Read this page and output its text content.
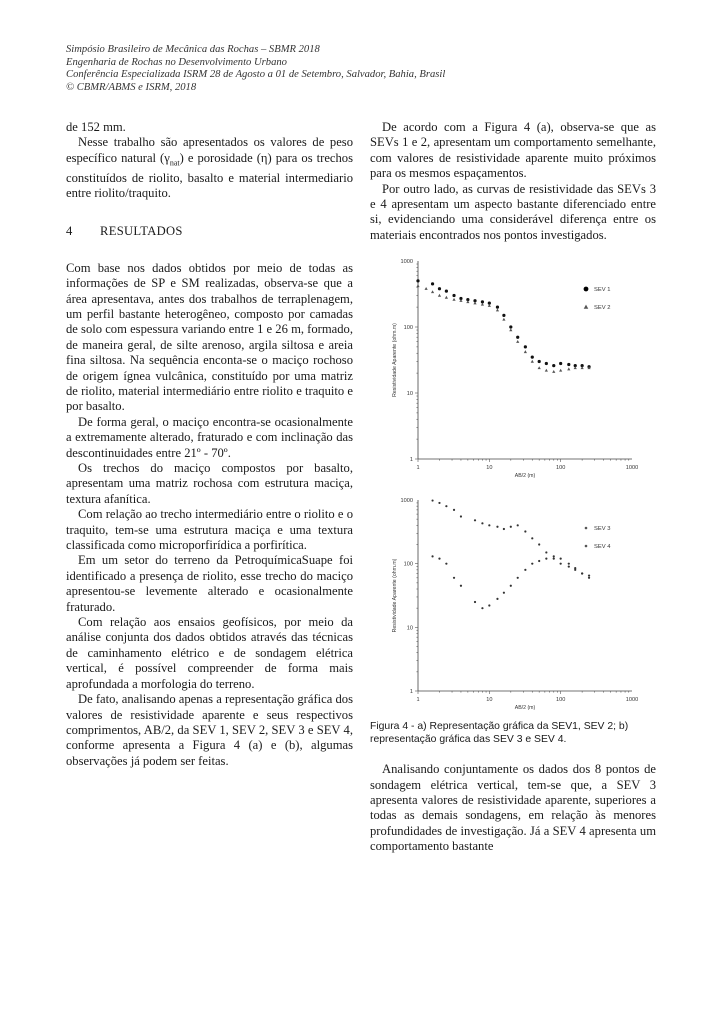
Simpósio Brasileiro de Mecânica das Rochas – SBMR 2018
Engenharia de Rochas no Desenvolvimento Urbano
Conferência Especializada ISRM 28 de Agosto a 01 de Setembro, Salvador, Bahia, Brasil
© CBMR/ABMS e ISRM, 2018

de 152 mm.

Nesse trabalho são apresentados os valores de peso específico natural $(\gamma_{nat})$ e porosidade (η) para os trechos constituídos de riolito, basalto e material intermediario entre riolito/traquito.

4	RESULTADOS

Com base nos dados obtidos por meio de todas as informações de SP e SM realizadas, observa-se que a área apresentava, antes dos trabalhos de terraplenagem, um perfil bastante heterogêneo, composto por camadas de solo com espessura variando entre 1 e 26 m, formado, de maneira geral, de silte arenoso, argila siltosa e areia fina siltosa. Na sequência enconta-se o maciço rochoso de origem ígnea vulcânica, constituído por uma matriz de riolito, material intermediário entre riolito e traquito e por basalto.

De forma geral, o maciço encontra-se ocasionalmente a extremamente alterado, fraturado e com inclinação das descontinuidades entre 21º - 70º.

Os trechos do maciço compostos por basalto, apresentam uma matriz rochosa com estrutura maciça, textura afanítica.

Com relação ao trecho intermediário entre o riolito e o traquito, tem-se uma estrutura maciça e uma textura classificada como microporfirídica a porfirítica.

Em um setor do terreno da PetroquímicaSuape foi identificado a presença de riolito, esse trecho do maciço apresentou-se levemente alterado e ocasionalmente fraturado.

Com relação aos ensaios geofísicos, por meio da análise conjunta dos dados obtidos através das técnicas de caminhamento elétrico e de sondagem elétrica vertical, é possível compreender de forma mais aprofundada a morfologia do terreno.

De fato, analisando apenas a representação gráfica dos valores de resistividade aparente e seus respectivos comprimentos, AB/2, da SEV 1, SEV 2, SEV 3 e SEV 4, conforme apresenta a Figura 4 (a) e (b), algumas observações já podem ser feitas.

De acordo com a Figura 4 (a), observa-se que as SEVs 1 e 2, apresentam um comportamento semelhante, com valores de resistividade aparente muito próximos para os mesmos espaçamentos.

Por outro lado, as curvas de resistividade das SEVs 3 e 4 apresentam um aspecto bastante diferenciado entre si, evidenciando uma considerável diferença entre os materiais encontrados nos pontos investigados.

1	10	100	1000
1
10
100
1000
AB/2 (m)
Resistividade Aparente (ohm.m)
SEV 1
SEV 2
1	10	100	1000
1
10
100
1000
AB/2 (m)
Resistividade Aparente (ohm.m)
SEV 3
SEV 4

Figura 4 - a) Representação gráfica da SEV1, SEV 2; b) representação gráfica das SEV 3 e SEV 4.

Analisando conjuntamente os dados dos 8 pontos de sondagem elétrica vertical, tem-se que, a SEV 3 apresenta valores de resistividade aparente, superiores a todas as demais sondagens, em relação às menores profundidades de investigação. Já a SEV 4 apresenta um comportamento bastante
